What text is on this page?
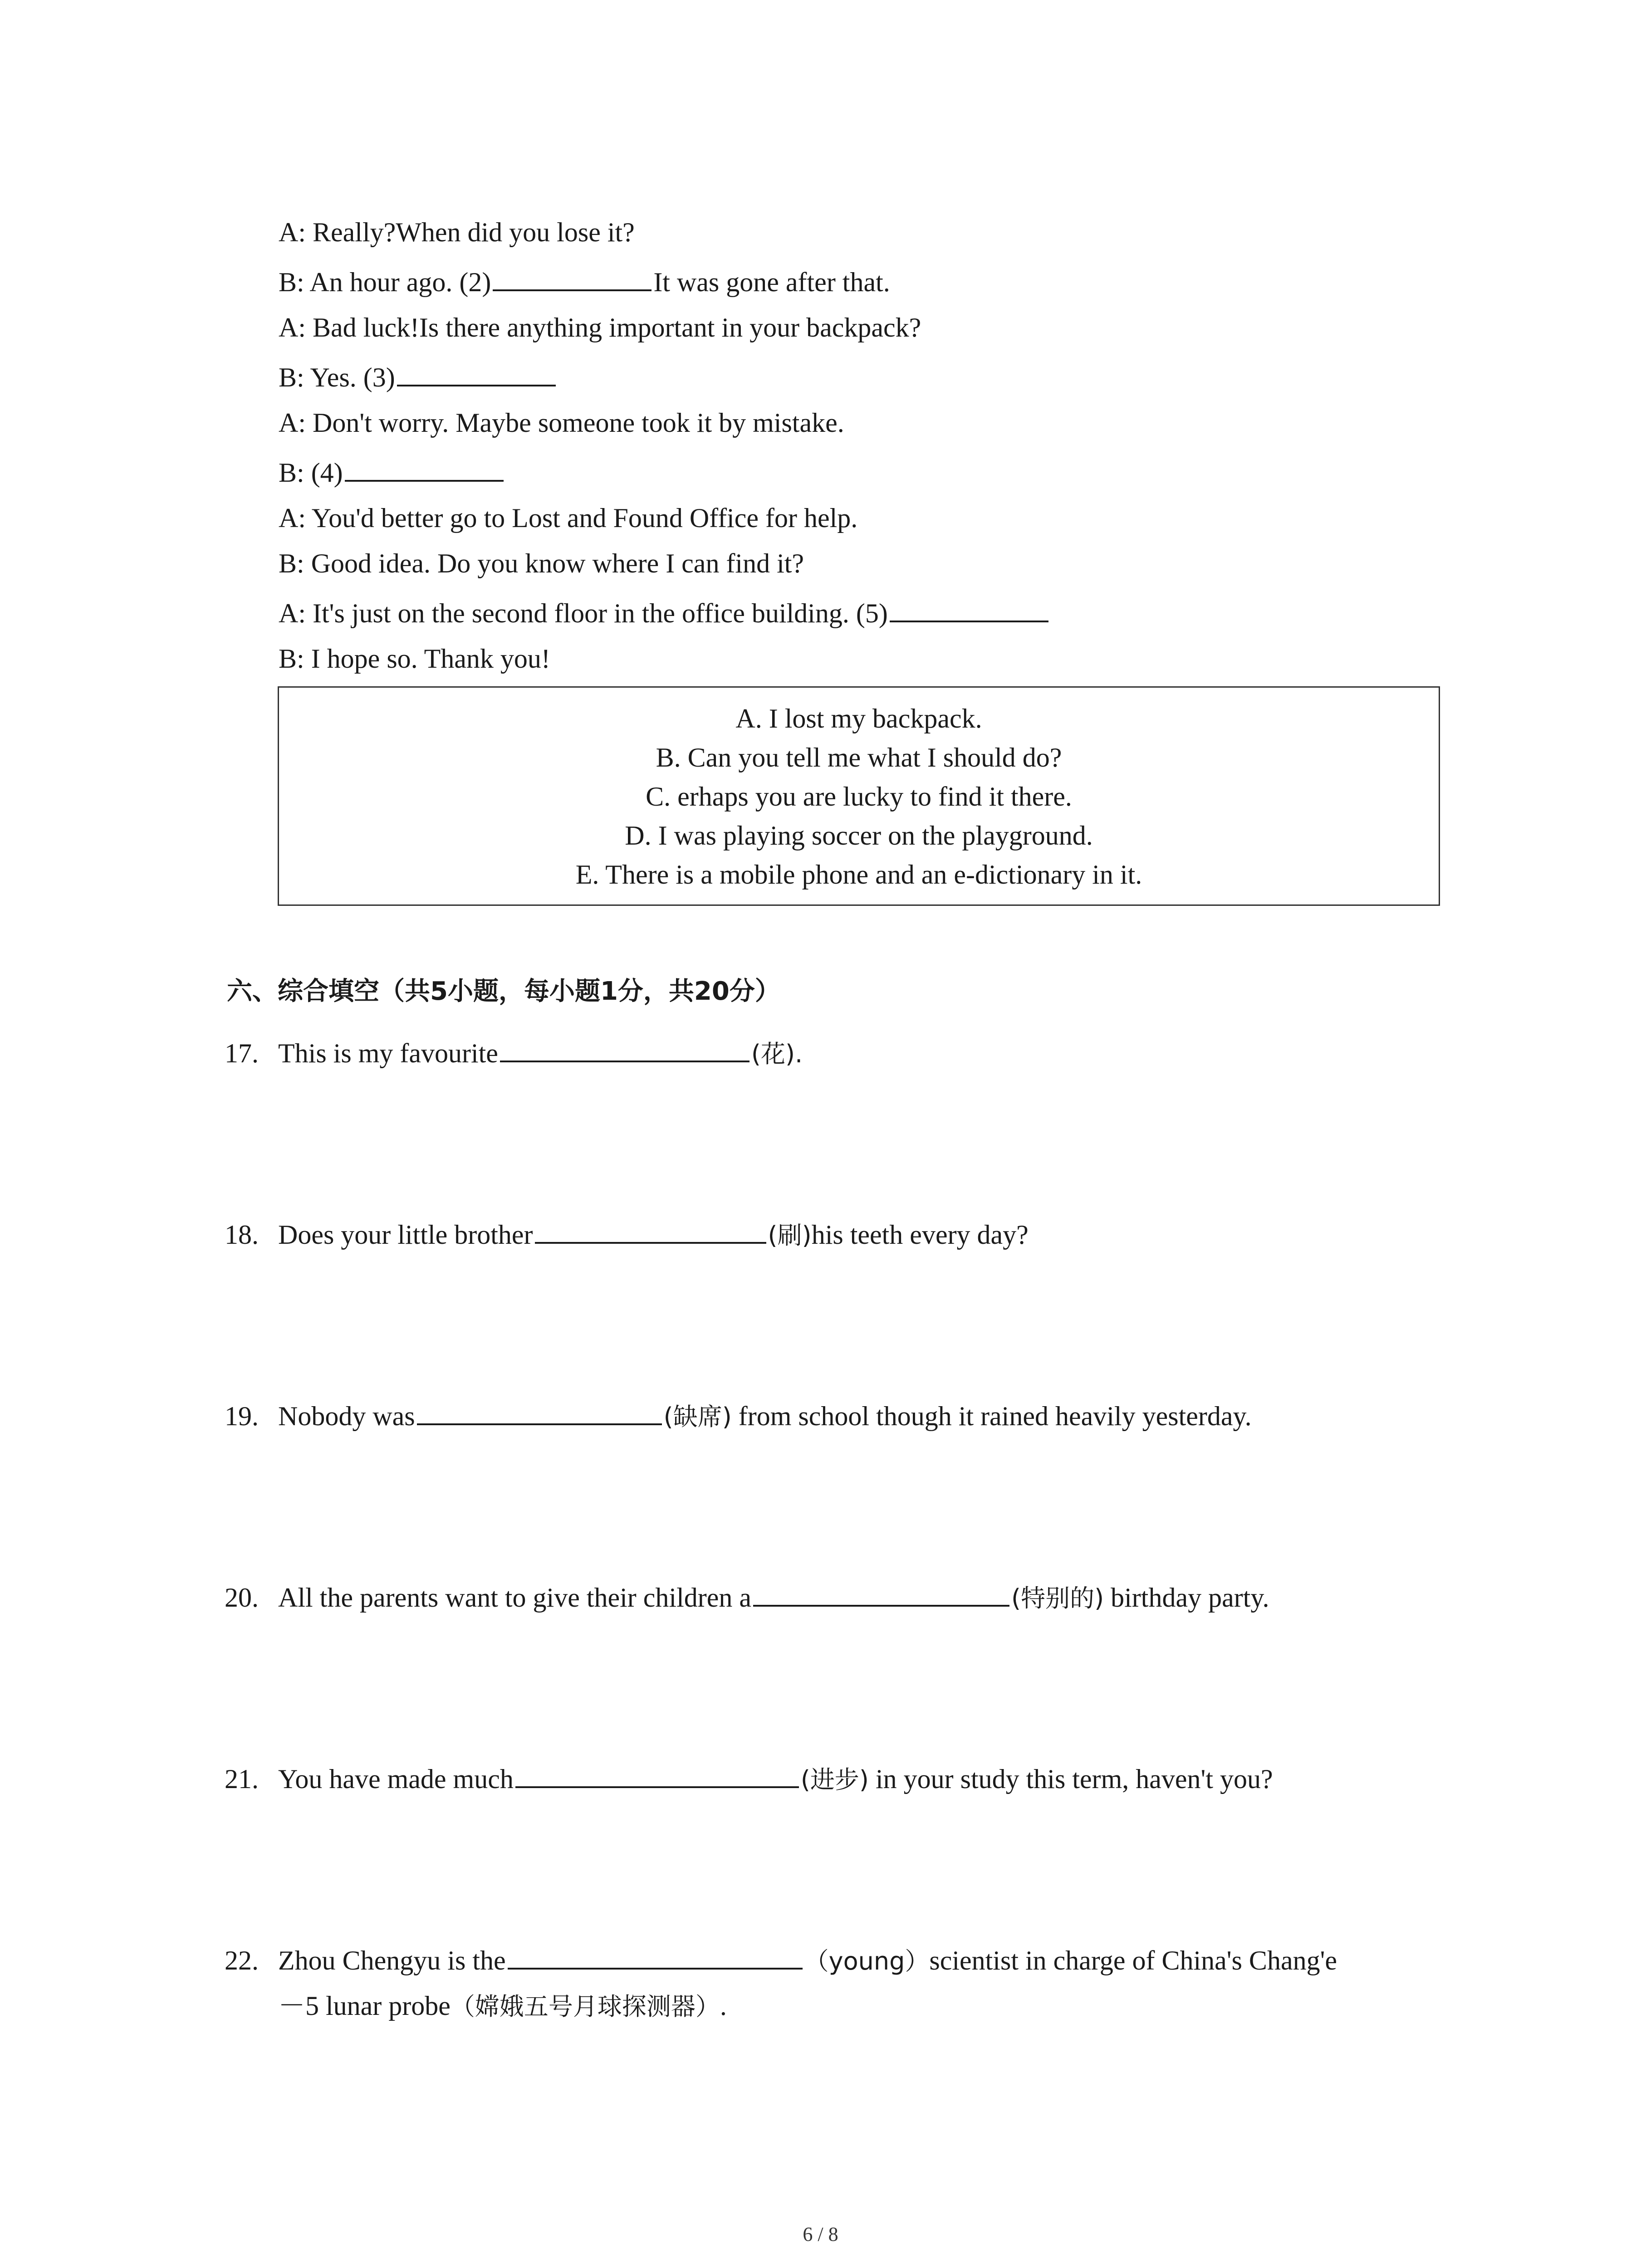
A: Really?When did you lose it?
B: An hour ago. (2)	It was gone after that.
A: Bad luck!Is there anything important in your backpack?
B: Yes. (3)
A: Don't worry. Maybe someone took it by mistake.
B: (4)
A: You'd better go to Lost and Found Office for help.
B: Good idea. Do you know where I can find it?
A: It's just on the second floor in the office building. (5)
B: I hope so. Thank you!
A. I lost my backpack.
B. Can you tell me what I should do?
C. erhaps you are lucky to find it there.
D. I was playing soccer on the playground.
E. There is a mobile phone and an e-dictionary in it.
六、综合填空（共5小题，每小题1分，共20分）
17. This is my favourite	(花).
18. Does your little brother	(刷)his teeth every day?
19. Nobody was	(缺席) from school though it rained heavily yesterday.
20. All the parents want to give their children a	(特别的) birthday party.
21. You have made much	(进步) in your study this term, haven't you?
22. Zhou Chengyu is the	（young）scientist in charge of China's Chang'e
－5 lunar probe（嫦娥五号月球探测器）.
6 / 8
